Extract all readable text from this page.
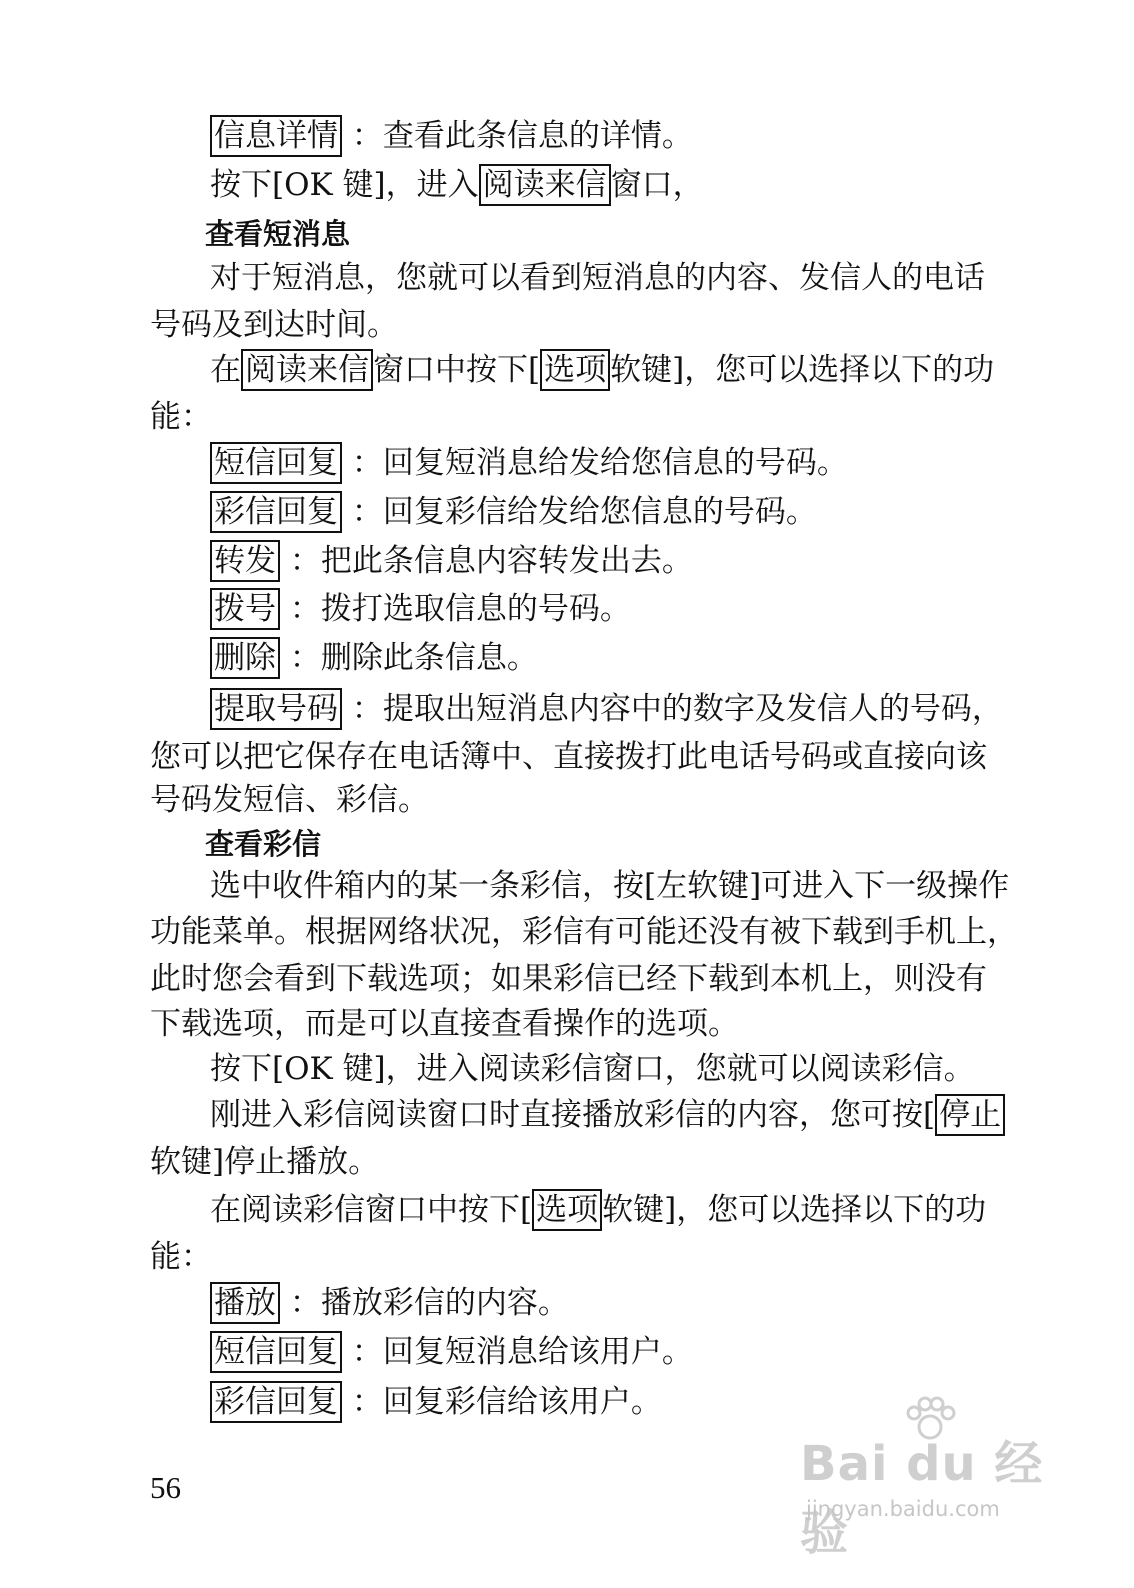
信息详情 ：查看此条信息的详情。
按下[OK 键]，进入 阅读来信 窗口，
查看短消息
对于短消息，您就可以看到短消息的内容、发信人的电话
号码及到达时间。
在 阅读来信 窗口中按下[ 选项 软键]，您可以选择以下的功
能：
短信回复 ：回复短消息给发给您信息的号码。
彩信回复 ：回复彩信给发给您信息的号码。
转发 ：把此条信息内容转发出去。
拨号 ：拨打选取信息的号码。
删除 ：删除此条信息。
提取号码 ：提取出短消息内容中的数字及发信人的号码，
您可以把它保存在电话簿中、直接拨打此电话号码或直接向该
号码发短信、彩信。
查看彩信
选中收件箱内的某一条彩信，按[左软键]可进入下一级操作
功能菜单。根据网络状况，彩信有可能还没有被下载到手机上，
此时您会看到下载选项；如果彩信已经下载到本机上，则没有
下载选项，而是可以直接查看操作的选项。
按下[OK 键]，进入阅读彩信窗口，您就可以阅读彩信。
刚进入彩信阅读窗口时直接播放彩信的内容，您可按[ 停止
软键]停止播放。
在阅读彩信窗口中按下[ 选项 软键]，您可以选择以下的功
能：
播放 ：播放彩信的内容。
短信回复 ：回复短消息给该用户。
彩信回复 ：回复彩信给该用户。
56	Bai du 经验
jingyan.baidu.com
